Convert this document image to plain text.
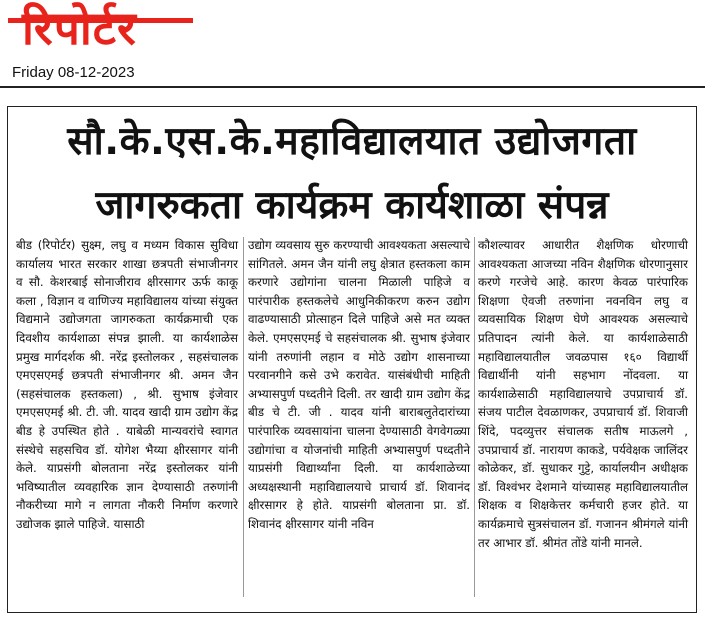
रिपोर्टर
Friday 08-12-2023
सौ.के.एस.के.महाविद्यालयात उद्योजगता
जागरुकता कार्यक्रम कार्यशाळा संपन्न
बीड (रिपोर्टर) सुक्ष्म, लघु व मध्यम विकास सुविधा कार्यालय भारत सरकार शाखा छत्रपती संभाजीनगर व सौ. केशरबाई सोनाजीराव क्षीरसागर ऊर्फ काकू कला , विज्ञान व वाणिज्य महाविद्यालय यांच्या संयुक्त विद्यमाने उद्योजगता जागरुकता कार्यक्रमाची एक दिवशीय कार्यशाळा संपन्न झाली. या कार्यशाळेस प्रमुख मार्गदर्शक श्री. नरेंद्र इस्तोलकर , सहसंचालक एमएसएमई छत्रपती संभाजीनगर श्री. अमन जैन (सहसंचालक हस्तकला) , श्री. सुभाष इंजेवार एमएसएमई श्री. टी. जी. यादव खादी ग्राम उद्योग केंद्र बीड हे उपस्थित होते . याबेळी मान्यवरांचे स्वागत संस्थेचे सहसचिव डॉ. योगेश भैय्या क्षीरसागर यांनी केले. याप्रसंगी बोलताना नरेंद्र इस्तोलकर यांनी भविष्यातील व्यवहारिक ज्ञान देण्यासाठी तरुणांनी नौकरीच्या मागे न लागता नौकरी निर्माण करणारे उद्योजक झाले पाहिजे. यासाठी
उद्योग व्यवसाय सुरु करण्याची आवश्यकता असल्याचे सांगितले. अमन जैन यांनी लघु क्षेत्रात हस्तकला काम करणारे उद्योगांना चालना मिळाली पाहिजे व पारंपारीक हस्तकलेचे आधुनिकीकरण करुन उद्योग वाढण्यासाठी प्रोत्साहन दिले पाहिजे असे मत व्यक्त केले. एमएसएमई चे सहसंचालक श्री. सुभाष इंजेवार यांनी तरुणांनी लहान व मोठे उद्योग शासनाच्या परवानगीने कसे उभे करावेत. यासंबंधीची माहिती अभ्यासपुर्ण पध्दतीने दिली. तर खादी ग्राम उद्योग केंद्र बीड चे टी. जी . यादव यांनी बाराबलुतेदारांच्या पारंपारिक व्यवसायांना चालना देण्यासाठी वेगवेगळ्या उद्योगांचा व योजनांची माहिती अभ्यासपुर्ण पध्दतीने याप्रसंगी विद्यार्थ्यांना दिली. या कार्यशाळेच्या अध्यक्षस्थानी महाविद्यालयाचे प्राचार्य डॉ. शिवानंद क्षीरसागर हे होते. याप्रसंगी बोलताना प्रा. डॉ. शिवानंद क्षीरसागर यांनी नविन
कौशल्यावर आधारीत शैक्षणिक धोरणाची आवश्यकता आजच्या नविन शैक्षणिक धोरणानुसार करणे गरजेचे आहे. कारण केवळ पारंपारिक शिक्षणा ऐवजी तरुणांना नवनविन लघु व व्यवसायिक शिक्षण घेणे आवश्यक असल्याचे प्रतिपादन त्यांनी केले. या कार्यशाळेसाठी महाविद्यालयातील जवळपास १६० विद्यार्थी विद्यार्थीनी यांनी सहभाग नोंदवला. या कार्यशाळेसाठी महाविद्यालयाचे उपप्राचार्य डॉ. संजय पाटील देवळाणकर, उपप्राचार्य डॉ. शिवाजी शिंदे, पदव्युत्तर संचालक सतीष माऊलगे , उपप्राचार्य डॉ. नारायण काकडे, पर्यवेक्षक जालिंदर कोळेकर, डॉ. सुधाकर गुट्टे, कार्यालयीन अधीक्षक डॉ. विश्वंभर देशमाने यांच्यासह महाविद्यालयातील शिक्षक व शिक्षकेत्तर कर्मचारी हजर होते. या कार्यक्रमाचे सुत्रसंचालन डॉ. गजानन श्रीमंगले यांनी तर आभार डॉ. श्रीमंत तोंडे यांनी मानले.
